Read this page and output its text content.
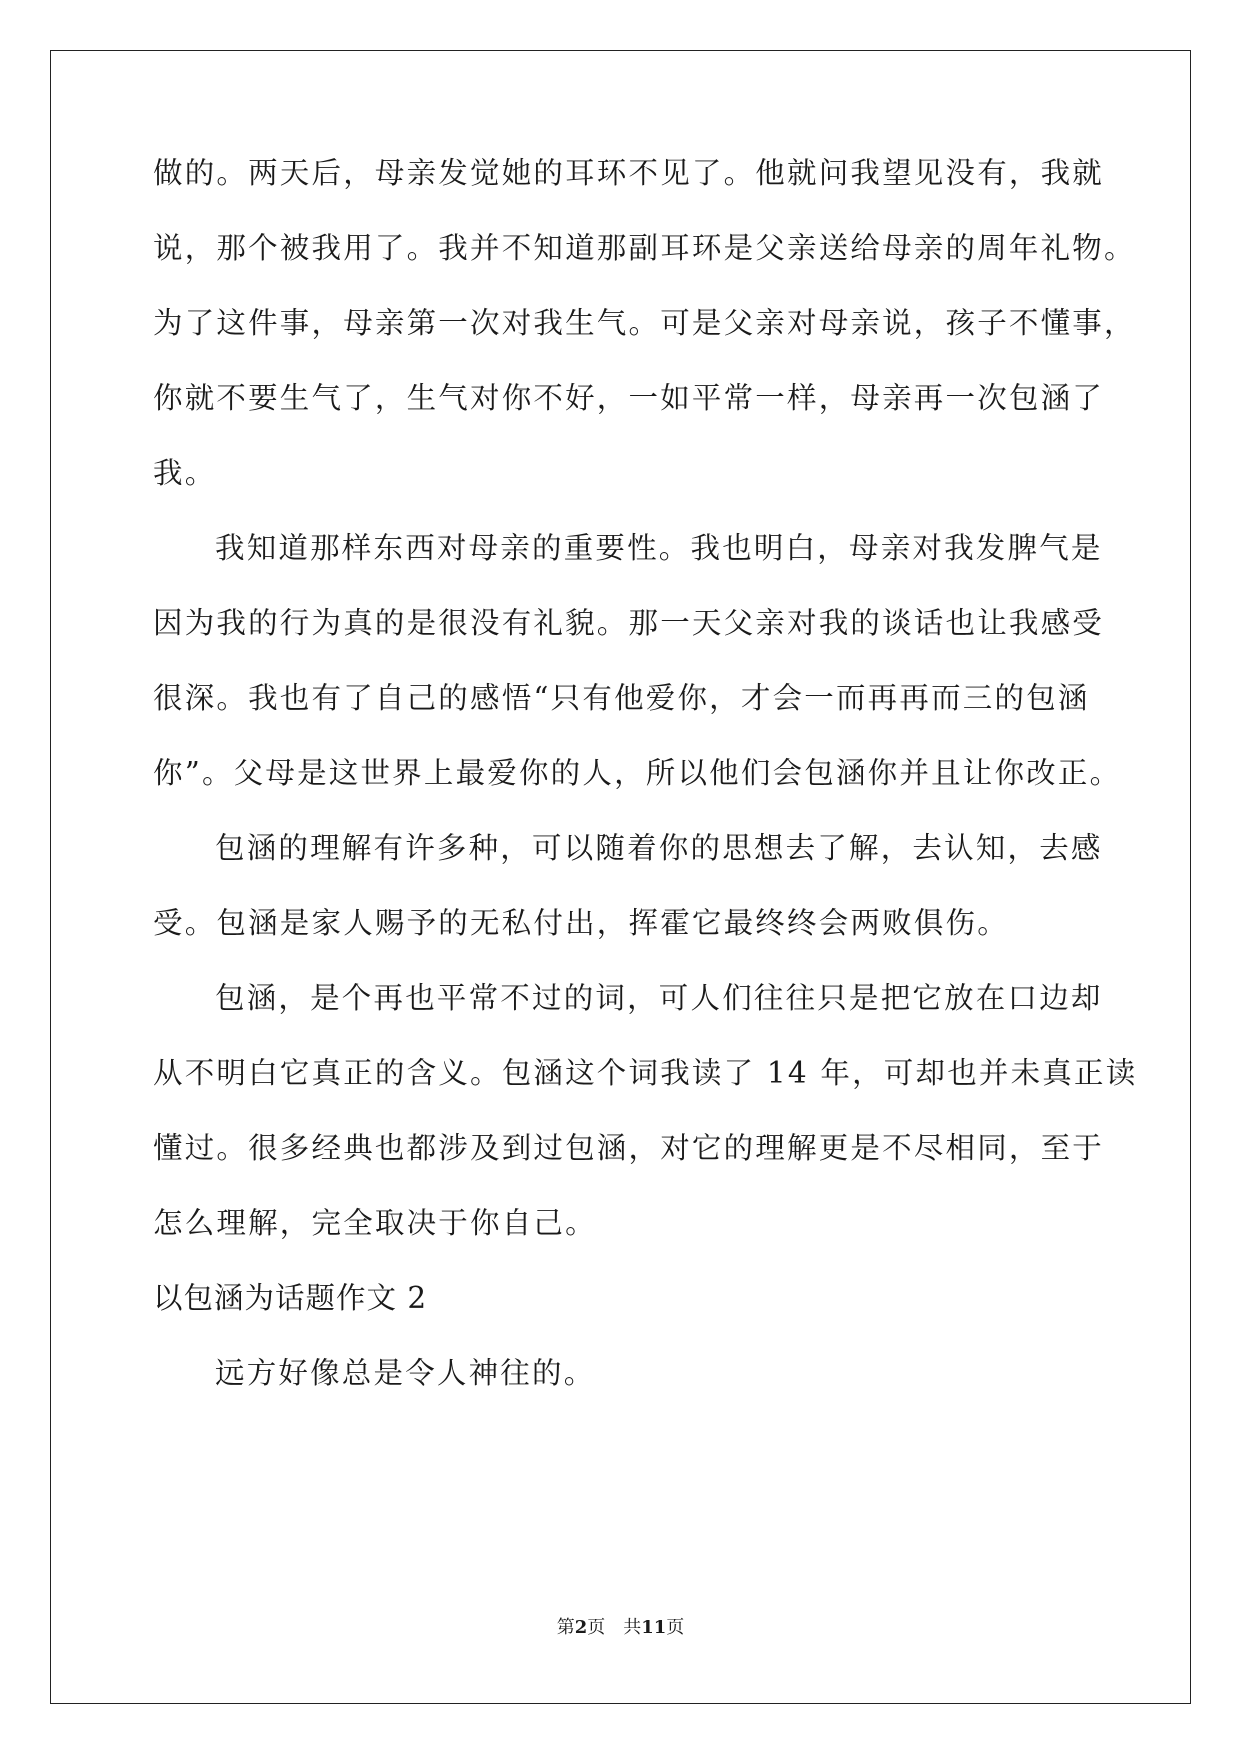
做的。两天后，母亲发觉她的耳环不见了。他就问我望见没有，我就
说，那个被我用了。我并不知道那副耳环是父亲送给母亲的周年礼物。
为了这件事，母亲第一次对我生气。可是父亲对母亲说，孩子不懂事，
你就不要生气了，生气对你不好，一如平常一样，母亲再一次包涵了
我。
我知道那样东西对母亲的重要性。我也明白，母亲对我发脾气是
因为我的行为真的是很没有礼貌。那一天父亲对我的谈话也让我感受
很深。我也有了自己的感悟“只有他爱你，才会一而再再而三的包涵
你”。父母是这世界上最爱你的人，所以他们会包涵你并且让你改正。
包涵的理解有许多种，可以随着你的思想去了解，去认知，去感
受。包涵是家人赐予的无私付出，挥霍它最终终会两败俱伤。
包涵，是个再也平常不过的词，可人们往往只是把它放在口边却
从不明白它真正的含义。包涵这个词我读了 14 年，可却也并未真正读
懂过。很多经典也都涉及到过包涵，对它的理解更是不尽相同，至于
怎么理解，完全取决于你自己。
以包涵为话题作文 2
远方好像总是令人神往的。
第2页 共11页
